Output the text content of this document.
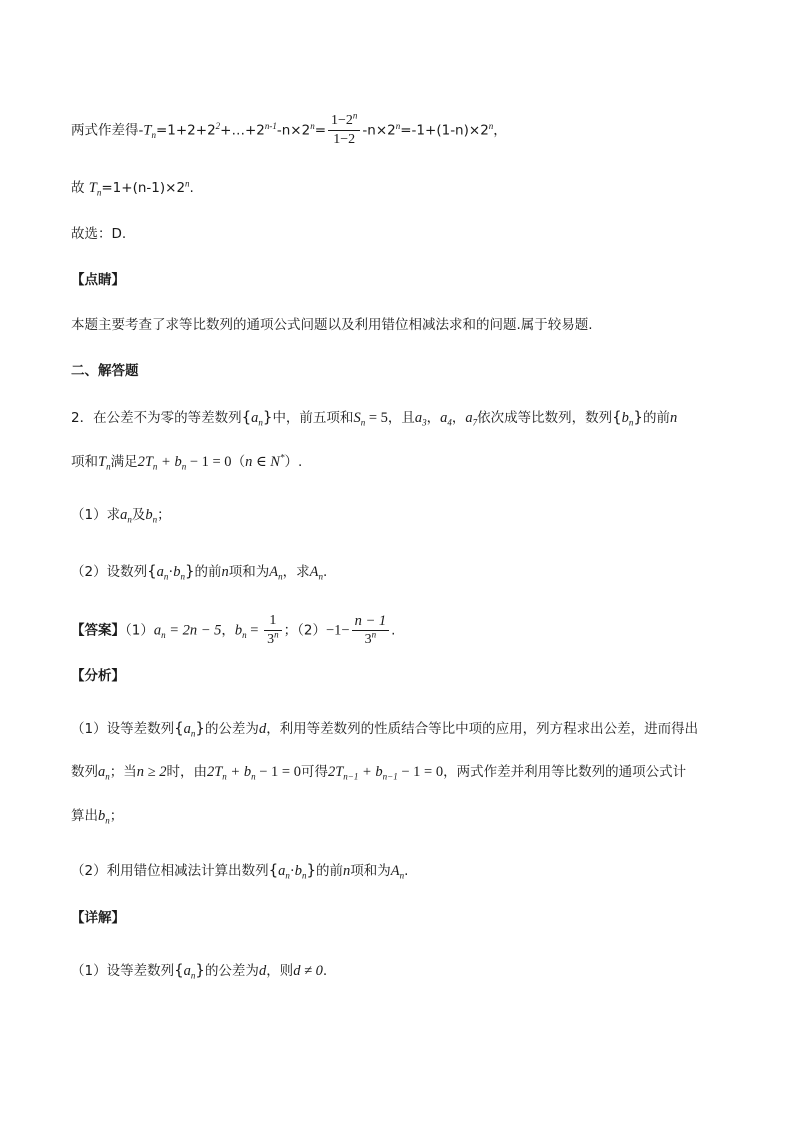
两式作差得$-T_n=1+2+2^2+\dots+2^{n-1}-n\times 2^n= \frac{1-2^n}{1-2} -n\times 2^n=-1+(1-n)\times 2^n$，
故 $T_n=1+(n-1)\times 2^n$.
故选：D.
【点睛】
本题主要考查了求等比数列的通项公式问题以及利用错位相减法求和的问题.属于较易题.
二、解答题
2．在公差不为零的等差数列$\{a_n\}$中，前五项和$S_n = 5$，且$a_3$，$a_4$，$a_7$依次成等比数列，数列$\{b_n\}$的前n
项和$T_n$满足$2T_n + b_n - 1 = 0(n$ ∈ N*）.
（1）求$a_n$及$b_n$；
（2）设数列$\{a_n\cdot b_n\}$的前n项和为$A_n$，求$A_n$.
【答案】$(1)a_n = 2n - 5$，$b_n = \frac{1}{3^n}$ ；$(2)-1- \frac{n - 1}{3^n}$ .
【分析】
（1）设等差数列$\{a_n\}$的公差为d，利用等差数列的性质结合等比中项的应用，列方程求出公差，进而得出
数列$a_n$；当n ≥ 2时，由$2T_n + b_n - 1 = 0$可得$2T_{n-1} + b_{n-1} - 1 = 0$，两式作差并利用等比数列的通项公式计
算出$b_n$；
（2）利用错位相减法计算出数列$\{a_n\cdot b_n\}$的前n项和为$A_n$.
【详解】
（1）设等差数列$\{a_n\}$的公差为d，则d ≠ 0.
